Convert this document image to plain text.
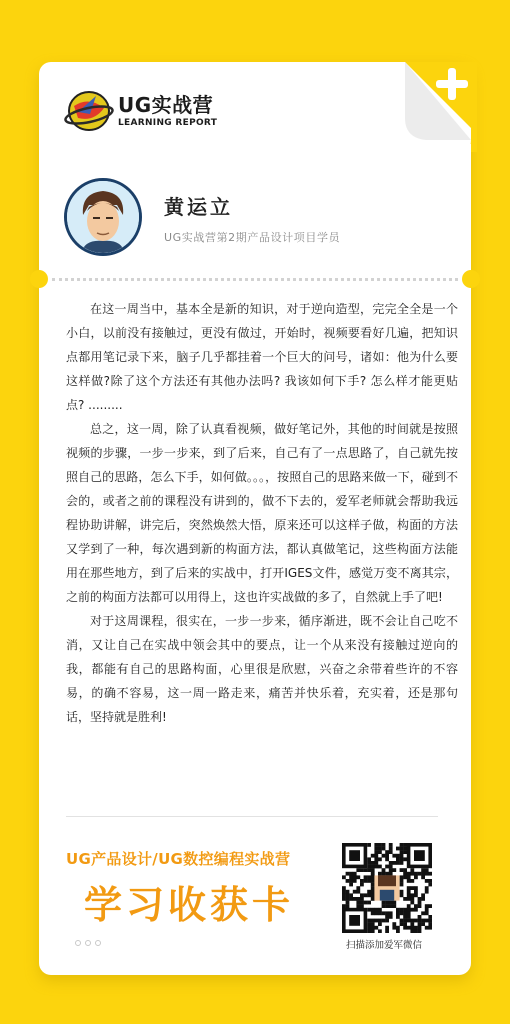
UG实战营
LEARNING REPORT
黄运立
UG实战营第2期产品设计项目学员

在这一周当中，基本全是新的知识，对于逆向造型，完完全全是一个小白，以前没有接触过，更没有做过，开始时，视频要看好几遍，把知识点都用笔记录下来，脑子几乎都挂着一个巨大的问号，诸如：他为什么要这样做?除了这个方法还有其他办法吗? 我该如何下手? 怎么样才能更贴点? .........

总之，这一周，除了认真看视频，做好笔记外，其他的时间就是按照视频的步骤，一步一步来，到了后来，自己有了一点思路了，自己就先按照自己的思路，怎么下手，如何做。。。，按照自己的思路来做一下，碰到不会的，或者之前的课程没有讲到的，做不下去的，爱军老师就会帮助我远程协助讲解，讲完后，突然焕然大悟，原来还可以这样子做，构面的方法又学到了一种，每次遇到新的构面方法，都认真做笔记，这些构面方法能用在那些地方，到了后来的实战中，打开IGES文件，感觉万变不离其宗，之前的构面方法都可以用得上，这也许实战做的多了，自然就上手了吧!

对于这周课程，很实在，一步一步来，循序渐进，既不会让自己吃不消，又让自己在实战中领会其中的要点，让一个从来没有接触过逆向的我，都能有自己的思路构面，心里很是欣慰，兴奋之余带着些许的不容易，的确不容易，这一周一路走来，痛苦并快乐着，充实着，还是那句话，坚持就是胜利!

UG产品设计/UG数控编程实战营
学习收获卡
扫描添加爱军微信
